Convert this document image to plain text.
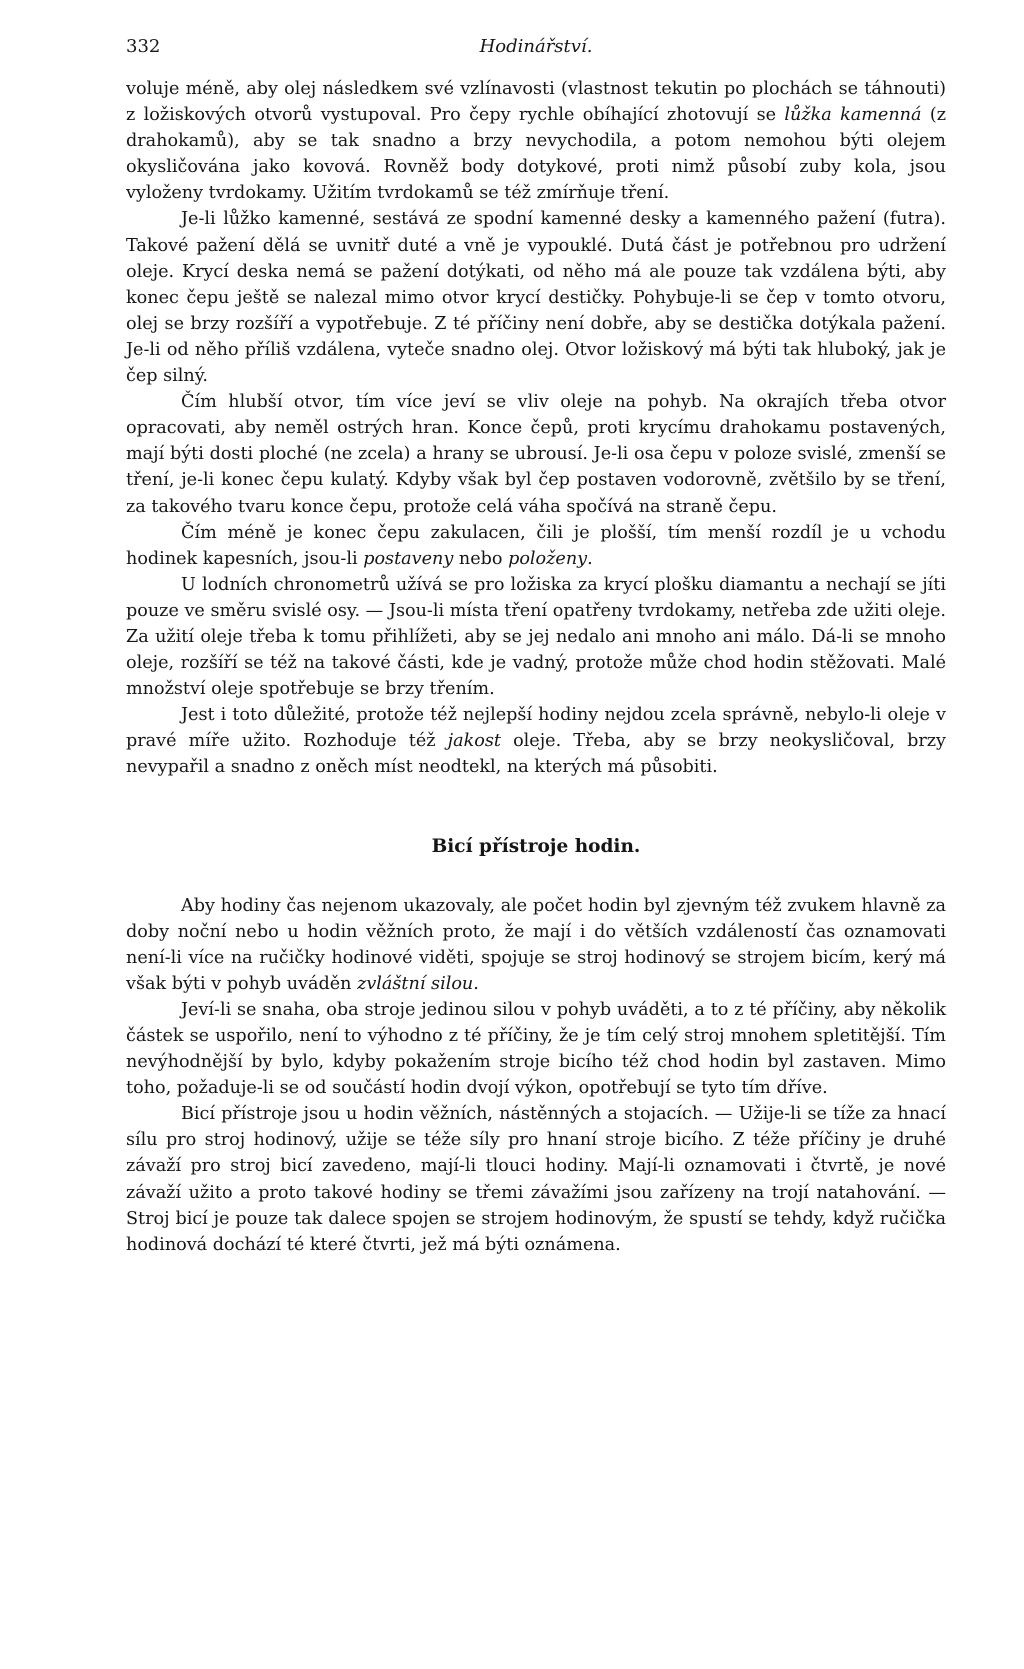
332	Hodinářství.

voluje méně, aby olej následkem své vzlínavosti (vlastnost tekutin po plochách se táhnouti) z ložiskových otvorů vystupoval. Pro čepy rychle obíhající zhotovují se lůžka kamenná (z drahokamů), aby se tak snadno a brzy nevychodila, a potom nemohou býti olejem okysličována jako kovová. Rovněž body dotykové, proti nimž působí zuby kola, jsou vyloženy tvrdokamy. Užitím tvrdokamů se též zmírňuje tření.

Je-li lůžko kamenné, sestává ze spodní kamenné desky a kamenného pažení (futra). Takové pažení dělá se uvnitř duté a vně je vypouklé. Dutá část je potřebnou pro udržení oleje. Krycí deska nemá se pažení dotýkati, od něho má ale pouze tak vzdálena býti, aby konec čepu ještě se nalezal mimo otvor krycí destičky. Pohybuje-li se čep v tomto otvoru, olej se brzy rozšíří a vypotřebuje. Z té příčiny není dobře, aby se destička dotýkala pažení. Je-li od něho příliš vzdálena, vyteče snadno olej. Otvor ložiskový má býti tak hluboký, jak je čep silný.

Čím hlubší otvor, tím více jeví se vliv oleje na pohyb. Na okrajích třeba otvor opracovati, aby neměl ostrých hran. Konce čepů, proti krycímu drahokamu postavených, mají býti dosti ploché (ne zcela) a hrany se ubrousí. Je-li osa čepu v poloze svislé, zmenší se tření, je-li konec čepu kulatý. Kdyby však byl čep postaven vodorovně, zvětšilo by se tření, za takového tvaru konce čepu, protože celá váha spočívá na straně čepu.

Čím méně je konec čepu zakulacen, čili je plošší, tím menší rozdíl je u vchodu hodinek kapesních, jsou-li postaveny nebo položeny.

U lodních chronometrů užívá se pro ložiska za krycí plošku diamantu a nechají se jíti pouze ve směru svislé osy. — Jsou-li místa tření opatřeny tvrdokamy, netřeba zde užiti oleje. Za užití oleje třeba k tomu přihlížeti, aby se jej nedalo ani mnoho ani málo. Dá-li se mnoho oleje, rozšíří se též na takové části, kde je vadný, protože může chod hodin stěžovati. Malé množství oleje spotřebuje se brzy třením.

Jest i toto důležité, protože též nejlepší hodiny nejdou zcela správně, nebylo-li oleje v pravé míře užito. Rozhoduje též jakost oleje. Třeba, aby se brzy neokysličoval, brzy nevypařil a snadno z oněch míst neodtekl, na kterých má působiti.

Bicí přístroje hodin.

Aby hodiny čas nejenom ukazovaly, ale počet hodin byl zjevným též zvukem hlavně za doby noční nebo u hodin věžních proto, že mají i do větších vzdáleností čas oznamovati není-li více na ručičky hodinové viděti, spojuje se stroj hodinový se strojem bicím, kerý má však býti v pohyb uváděn zvláštní silou.

Jeví-li se snaha, oba stroje jedinou silou v pohyb uváděti, a to z té příčiny, aby několik částek se uspořilo, není to výhodno z té příčiny, že je tím celý stroj mnohem spletitější. Tím nevýhodnější by bylo, kdyby pokažením stroje bicího též chod hodin byl zastaven. Mimo toho, požaduje-li se od součástí hodin dvojí výkon, opotřebují se tyto tím dříve.

Bicí přístroje jsou u hodin věžních, nástěnných a stojacích. — Užije-li se tíže za hnací sílu pro stroj hodinový, užije se téže síly pro hnaní stroje bicího. Z téže příčiny je druhé závaží pro stroj bicí zavedeno, mají-li tlouci hodiny. Mají-li oznamovati i čtvrtě, je nové závaží užito a proto takové hodiny se třemi závažími jsou zařízeny na trojí natahování. — Stroj bicí je pouze tak dalece spojen se strojem hodinovým, že spustí se tehdy, když ručička hodinová dochází té které čtvrti, jež má býti oznámena.
